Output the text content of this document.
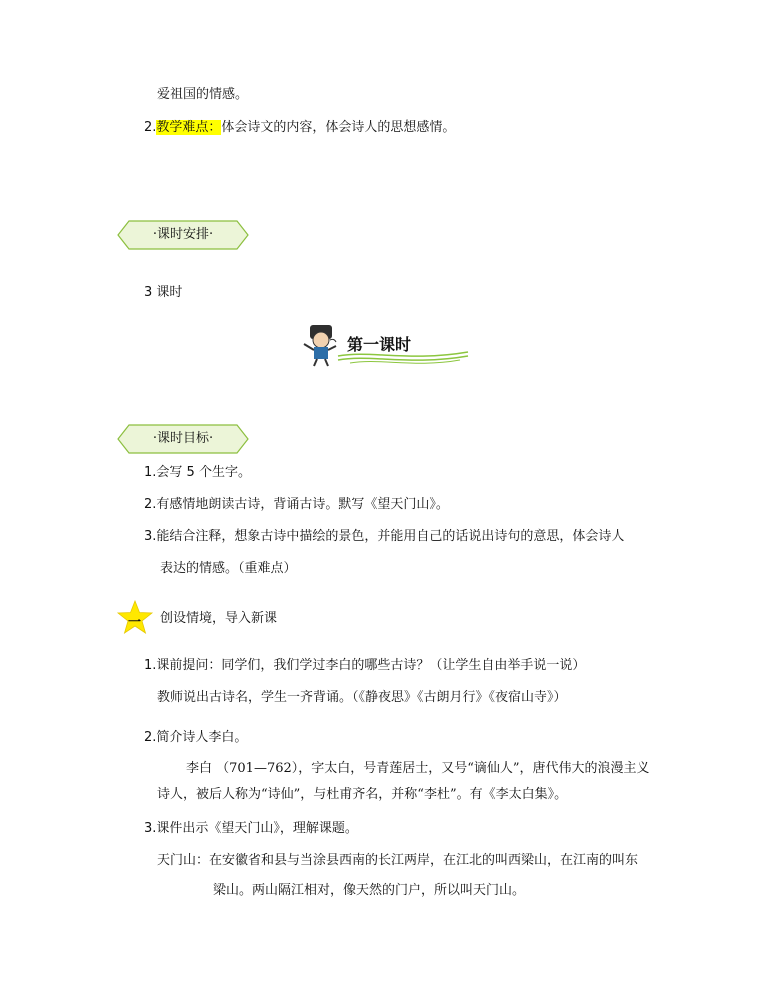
爱祖国的情感。
2.教学难点：体会诗文的内容，体会诗人的思想感情。
·课时安排·
3 课时
第一课时
·课时目标·
1.会写 5 个生字。
2.有感情地朗读古诗，背诵古诗。默写《望天门山》。
3.能结合注释，想象古诗中描绘的景色，并能用自己的话说出诗句的意思，体会诗人
表达的情感。（重难点）
一 创设情境，导入新课
1.课前提问：同学们，我们学过李白的哪些古诗？（让学生自由举手说一说）
教师说出古诗名，学生一齐背诵。（《静夜思》《古朗月行》《夜宿山寺》）
2.简介诗人李白。
李白 （701—762），字太白，号青莲居士，又号“谪仙人”，唐代伟大的浪漫主义
诗人，被后人称为“诗仙”，与杜甫齐名，并称“李杜”。有《李太白集》。
3.课件出示《望天门山》，理解课题。
天门山：在安徽省和县与当涂县西南的长江两岸，在江北的叫西梁山，在江南的叫东
梁山。两山隔江相对，像天然的门户，所以叫天门山。
